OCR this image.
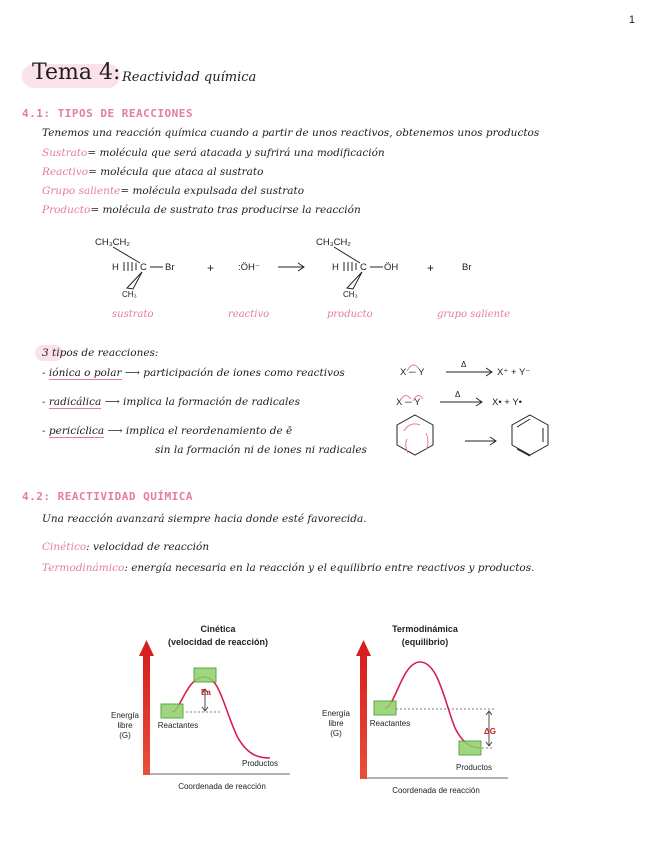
1
Tema 4: Reactividad química
4.1: TIPOS DE REACCIONES
Tenemos una reacción química cuando a partir de unos reactivos, obtenemos unos productos
Sustrato= molécula que será atacada y sufrirá una modificación
Reactivo= molécula que ataca al sustrato
Grupo saliente= molécula expulsada del sustrato
Producto= molécula de sustrato tras producirse la reacción
CH₃CH₂
H C Br
CH₃
+	:ÖH⁻
CH₃CH₂
H C ÖH
CH₃
+	Br
sustrato	reactivo	producto	grupo saliente
3 tipos de reacciones:
- iónica o polar ⟶ participación de iones como reactivos
- radicálica ⟶ implica la formación de radicales
- pericíclica ⟶ implica el reordenamiento de ē
sin la formación ni de iones ni radicales
X ─ Y
Δ
X⁺ + Y⁻
X ─ Y
Δ
X• + Y•
4.2: REACTIVIDAD QUÍMICA
Una reacción avanzará siempre hacia donde esté favorecida.
Cinético: velocidad de reacción
Termodinámico: energía necesaria en la reacción y el equilibrio entre reactivos y productos.
Cinética
(velocidad de reacción)
Energía
libre
(G)
Ea
Reactantes
Productos
Coordenada de reacción
Termodinámica
(equilibrio)
Energía
libre
(G)	ΔG
Reactantes
Productos
Coordenada de reacción
